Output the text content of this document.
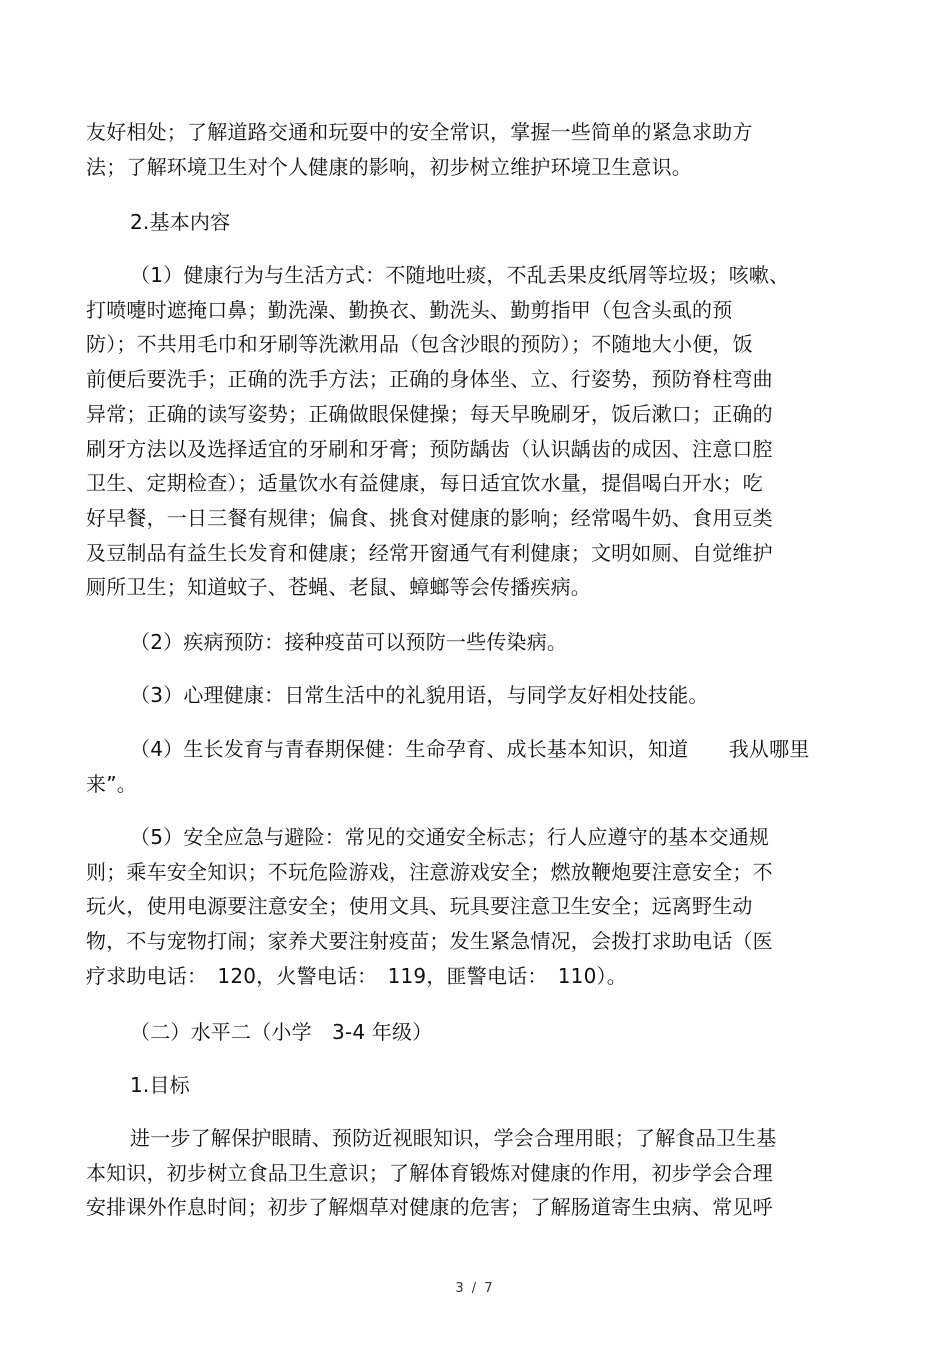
友好相处；了解道路交通和玩耍中的安全常识，掌握一些简单的紧急求助方
法；了解环境卫生对个人健康的影响，初步树立维护环境卫生意识。
2.基本内容
（1）健康行为与生活方式：不随地吐痰，不乱丢果皮纸屑等垃圾；咳嗽、
打喷嚏时遮掩口鼻；勤洗澡、勤换衣、勤洗头、勤剪指甲（包含头虱的预
防）；不共用毛巾和牙刷等洗漱用品（包含沙眼的预防）；不随地大小便，饭
前便后要洗手；正确的洗手方法；正确的身体坐、立、行姿势，预防脊柱弯曲
异常；正确的读写姿势；正确做眼保健操；每天早晚刷牙，饭后漱口；正确的
刷牙方法以及选择适宜的牙刷和牙膏；预防龋齿（认识龋齿的成因、注意口腔
卫生、定期检查）；适量饮水有益健康，每日适宜饮水量，提倡喝白开水；吃
好早餐，一日三餐有规律；偏食、挑食对健康的影响；经常喝牛奶、食用豆类
及豆制品有益生长发育和健康；经常开窗通气有利健康；文明如厕、自觉维护
厕所卫生；知道蚊子、苍蝇、老鼠、蟑螂等会传播疾病。
（2）疾病预防：接种疫苗可以预防一些传染病。
（3）心理健康：日常生活中的礼貌用语，与同学友好相处技能。
（4）生长发育与青春期保健：生命孕育、成长基本知识，知道　　我从哪里
来”。
（5）安全应急与避险：常见的交通安全标志；行人应遵守的基本交通规
则；乘车安全知识；不玩危险游戏，注意游戏安全；燃放鞭炮要注意安全；不
玩火，使用电源要注意安全；使用文具、玩具要注意卫生安全；远离野生动
物，不与宠物打闹；家养犬要注射疫苗；发生紧急情况，会拨打求助电话（医
疗求助电话：　120，火警电话：　119，匪警电话：　110）。
（二）水平二（小学　3-4 年级）
1.目标
进一步了解保护眼睛、预防近视眼知识，学会合理用眼；了解食品卫生基
本知识，初步树立食品卫生意识；了解体育锻炼对健康的作用，初步学会合理
安排课外作息时间；初步了解烟草对健康的危害；了解肠道寄生虫病、常见呼
3 / 7
